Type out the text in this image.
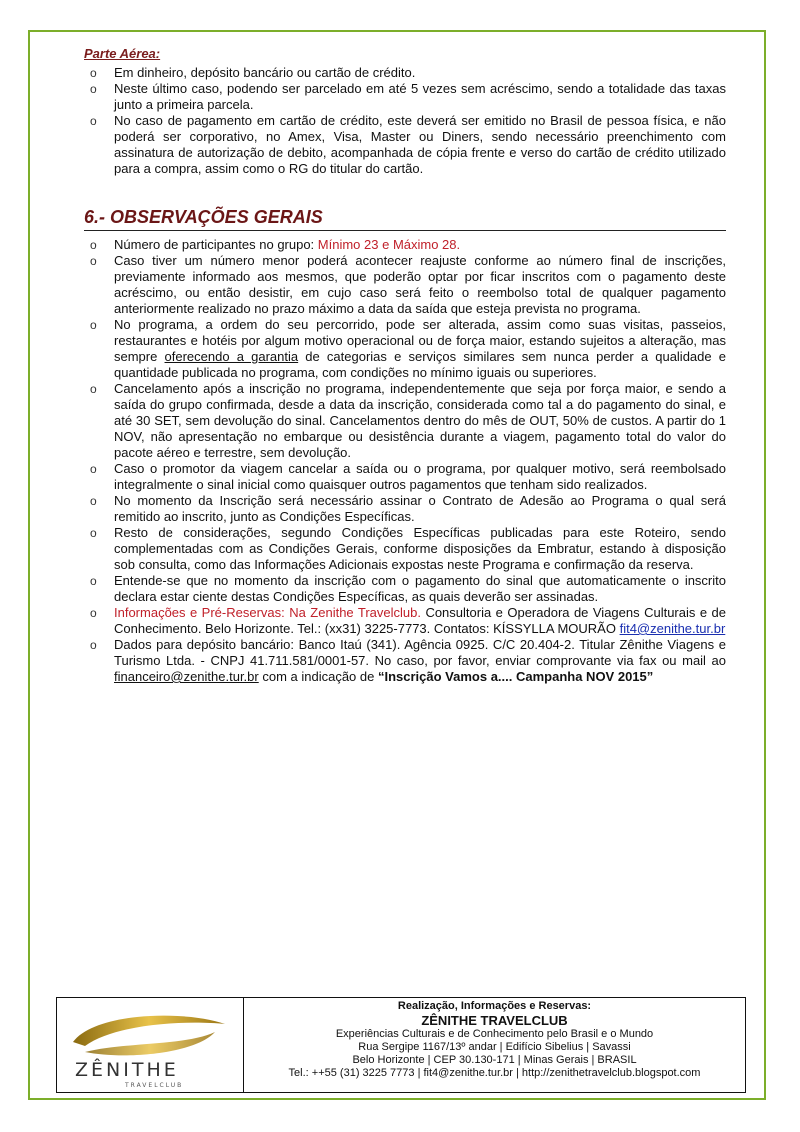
Parte Aérea:
o Em dinheiro, depósito bancário ou cartão de crédito.
o Neste último caso, podendo ser parcelado em até 5 vezes sem acréscimo, sendo a totalidade das taxas junto a primeira parcela.
o No caso de pagamento em cartão de crédito, este deverá ser emitido no Brasil de pessoa física, e não poderá ser corporativo, no Amex, Visa, Master ou Diners, sendo necessário preenchimento com assinatura de autorização de debito, acompanhada de cópia frente e verso do cartão de crédito utilizado para a compra, assim como o RG do titular do cartão.
6.- OBSERVAÇÕES GERAIS
o Número de participantes no grupo: Mínimo 23 e Máximo 28.
o Caso tiver um número menor poderá acontecer reajuste conforme ao número final de inscrições, previamente informado aos mesmos, que poderão optar por ficar inscritos com o pagamento deste acréscimo, ou então desistir, em cujo caso será feito o reembolso total de qualquer pagamento anteriormente realizado no prazo máximo a data da saída que esteja prevista no programa.
o No programa, a ordem do seu percorrido, pode ser alterada, assim como suas visitas, passeios, restaurantes e hotéis por algum motivo operacional ou de força maior, estando sujeitos a alteração, mas sempre oferecendo a garantia de categorias e serviços similares sem nunca perder a qualidade e quantidade publicada no programa, com condições no mínimo iguais ou superiores.
o Cancelamento após a inscrição no programa, independentemente que seja por força maior, e sendo a saída do grupo confirmada, desde a data da inscrição, considerada como tal a do pagamento do sinal, e até 30 SET, sem devolução do sinal. Cancelamentos dentro do mês de OUT, 50% de custos. A partir do 1 NOV, não apresentação no embarque ou desistência durante a viagem, pagamento total do valor do pacote aéreo e terrestre, sem devolução.
o Caso o promotor da viagem cancelar a saída ou o programa, por qualquer motivo, será reembolsado integralmente o sinal inicial como quaisquer outros pagamentos que tenham sido realizados.
o No momento da Inscrição será necessário assinar o Contrato de Adesão ao Programa o qual será remitido ao inscrito, junto as Condições Específicas.
o Resto de considerações, segundo Condições Específicas publicadas para este Roteiro, sendo complementadas com as Condições Gerais, conforme disposições da Embratur, estando à disposição sob consulta, como das Informações Adicionais expostas neste Programa e confirmação da reserva.
o Entende-se que no momento da inscrição com o pagamento do sinal que automaticamente o inscrito declara estar ciente destas Condições Específicas, as quais deverão ser assinadas.
o Informações e Pré-Reservas: Na Zenithe Travelclub. Consultoria e Operadora de Viagens Culturais e de Conhecimento. Belo Horizonte. Tel.: (xx31) 3225-7773. Contatos: KÍSSYLLA MOURÃO fit4@zenithe.tur.br
o Dados para depósito bancário: Banco Itaú (341). Agência 0925. C/C 20.404-2. Titular Zênithe Viagens e Turismo Ltda. - CNPJ 41.711.581/0001-57. No caso, por favor, enviar comprovante via fax ou mail ao financeiro@zenithe.tur.br com a indicação de “Inscrição Vamos a.... Campanha NOV 2015”
ZÊNITHE
TRAVELCLUB
Realização, Informações e Reservas:
ZÊNITHE TRAVELCLUB
Experiências Culturais e de Conhecimento pelo Brasil e o Mundo
Rua Sergipe 1167/13º andar | Edifício Sibelius | Savassi
Belo Horizonte | CEP 30.130-171 | Minas Gerais | BRASIL
Tel.: ++55 (31) 3225 7773 | fit4@zenithe.tur.br | http://zenithetravelclub.blogspot.com
